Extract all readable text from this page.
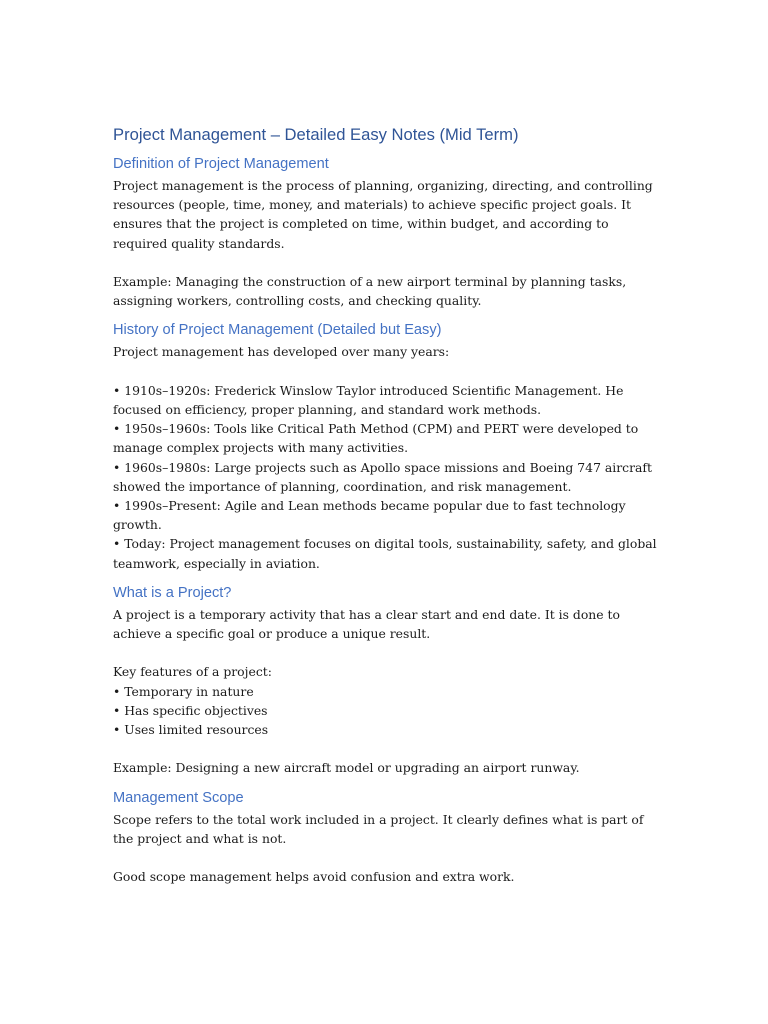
Project Management – Detailed Easy Notes (Mid Term)
Definition of Project Management

Project management is the process of planning, organizing, directing, and controlling resources (people, time, money, and materials) to achieve specific project goals. It ensures that the project is completed on time, within budget, and according to required quality standards.

Example: Managing the construction of a new airport terminal by planning tasks, assigning workers, controlling costs, and checking quality.

History of Project Management (Detailed but Easy)

Project management has developed over many years:

• 1910s–1920s: Frederick Winslow Taylor introduced Scientific Management. He focused on efficiency, proper planning, and standard work methods.

• 1950s–1960s: Tools like Critical Path Method (CPM) and PERT were developed to manage complex projects with many activities.

• 1960s–1980s: Large projects such as Apollo space missions and Boeing 747 aircraft showed the importance of planning, coordination, and risk management.

• 1990s–Present: Agile and Lean methods became popular due to fast technology growth.

• Today: Project management focuses on digital tools, sustainability, safety, and global teamwork, especially in aviation.

What is a Project?

A project is a temporary activity that has a clear start and end date. It is done to achieve a specific goal or produce a unique result.

Key features of a project:

• Temporary in nature

• Has specific objectives

• Uses limited resources

Example: Designing a new aircraft model or upgrading an airport runway.

Management Scope

Scope refers to the total work included in a project. It clearly defines what is part of the project and what is not.

Good scope management helps avoid confusion and extra work.
